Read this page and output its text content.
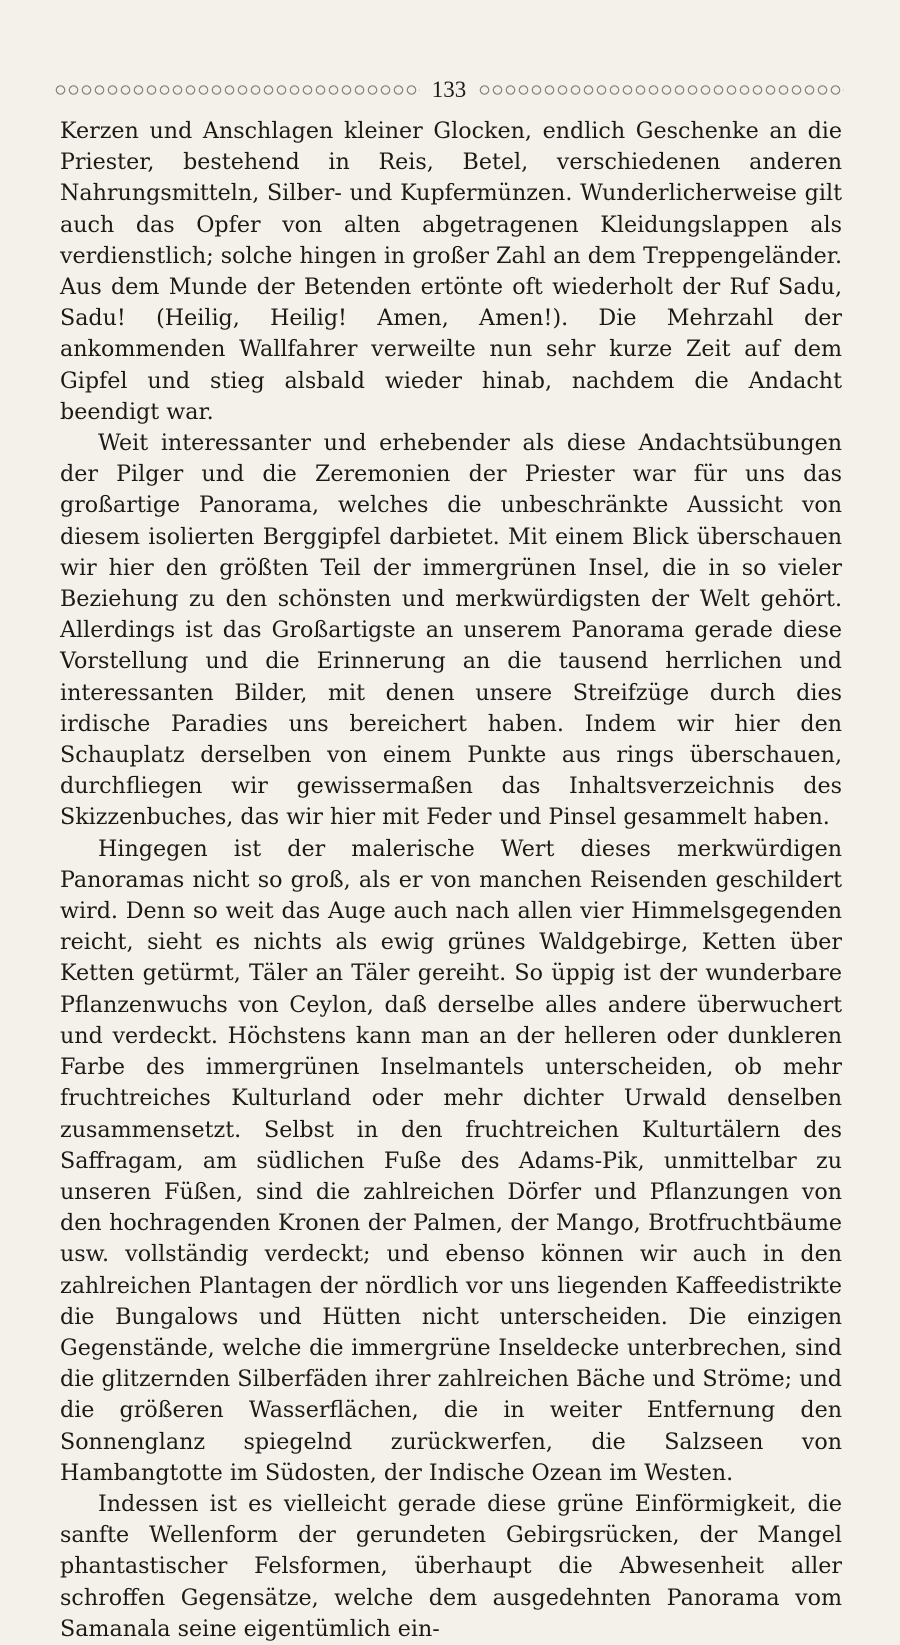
133

Kerzen und Anschlagen kleiner Glocken, endlich Geschenke an die Priester, bestehend in Reis, Betel, verschiedenen anderen Nahrungsmitteln, Silber- und Kupfermünzen. Wunderlicherweise gilt auch das Opfer von alten abgetragenen Kleidungslappen als verdienstlich; solche hingen in großer Zahl an dem Treppengeländer. Aus dem Munde der Betenden ertönte oft wiederholt der Ruf Sadu, Sadu! (Heilig, Heilig! Amen, Amen!). Die Mehrzahl der ankommenden Wallfahrer verweilte nun sehr kurze Zeit auf dem Gipfel und stieg alsbald wieder hinab, nachdem die Andacht beendigt war.

Weit interessanter und erhebender als diese Andachtsübungen der Pilger und die Zeremonien der Priester war für uns das großartige Panorama, welches die unbeschränkte Aussicht von diesem isolierten Berggipfel darbietet. Mit einem Blick überschauen wir hier den größten Teil der immergrünen Insel, die in so vieler Beziehung zu den schönsten und merkwürdigsten der Welt gehört. Allerdings ist das Großartigste an unserem Panorama gerade diese Vorstellung und die Erinnerung an die tausend herrlichen und interessanten Bilder, mit denen unsere Streifzüge durch dies irdische Paradies uns bereichert haben. Indem wir hier den Schauplatz derselben von einem Punkte aus rings überschauen, durchfliegen wir gewissermaßen das Inhaltsverzeichnis des Skizzenbuches, das wir hier mit Feder und Pinsel gesammelt haben.

Hingegen ist der malerische Wert dieses merkwürdigen Panoramas nicht so groß, als er von manchen Reisenden geschildert wird. Denn so weit das Auge auch nach allen vier Himmelsgegenden reicht, sieht es nichts als ewig grünes Waldgebirge, Ketten über Ketten getürmt, Täler an Täler gereiht. So üppig ist der wunderbare Pflanzenwuchs von Ceylon, daß derselbe alles andere überwuchert und verdeckt. Höchstens kann man an der helleren oder dunkleren Farbe des immergrünen Inselmantels unterscheiden, ob mehr fruchtreiches Kulturland oder mehr dichter Urwald denselben zusammensetzt. Selbst in den fruchtreichen Kulturtälern des Saffragam, am südlichen Fuße des Adams-Pik, unmittelbar zu unseren Füßen, sind die zahlreichen Dörfer und Pflanzungen von den hochragenden Kronen der Palmen, der Mango, Brotfruchtbäume usw. vollständig verdeckt; und ebenso können wir auch in den zahlreichen Plantagen der nördlich vor uns liegenden Kaffeedistrikte die Bungalows und Hütten nicht unterscheiden. Die einzigen Gegenstände, welche die immergrüne Inseldecke unterbrechen, sind die glitzernden Silberfäden ihrer zahlreichen Bäche und Ströme; und die größeren Wasserflächen, die in weiter Entfernung den Sonnenglanz spiegelnd zurückwerfen, die Salzseen von Hambangtotte im Südosten, der Indische Ozean im Westen.

Indessen ist es vielleicht gerade diese grüne Einförmigkeit, die sanfte Wellenform der gerundeten Gebirgsrücken, der Mangel phantastischer Felsformen, überhaupt die Abwesenheit aller schroffen Gegensätze, welche dem ausgedehnten Panorama vom Samanala seine eigentümlich ein-
